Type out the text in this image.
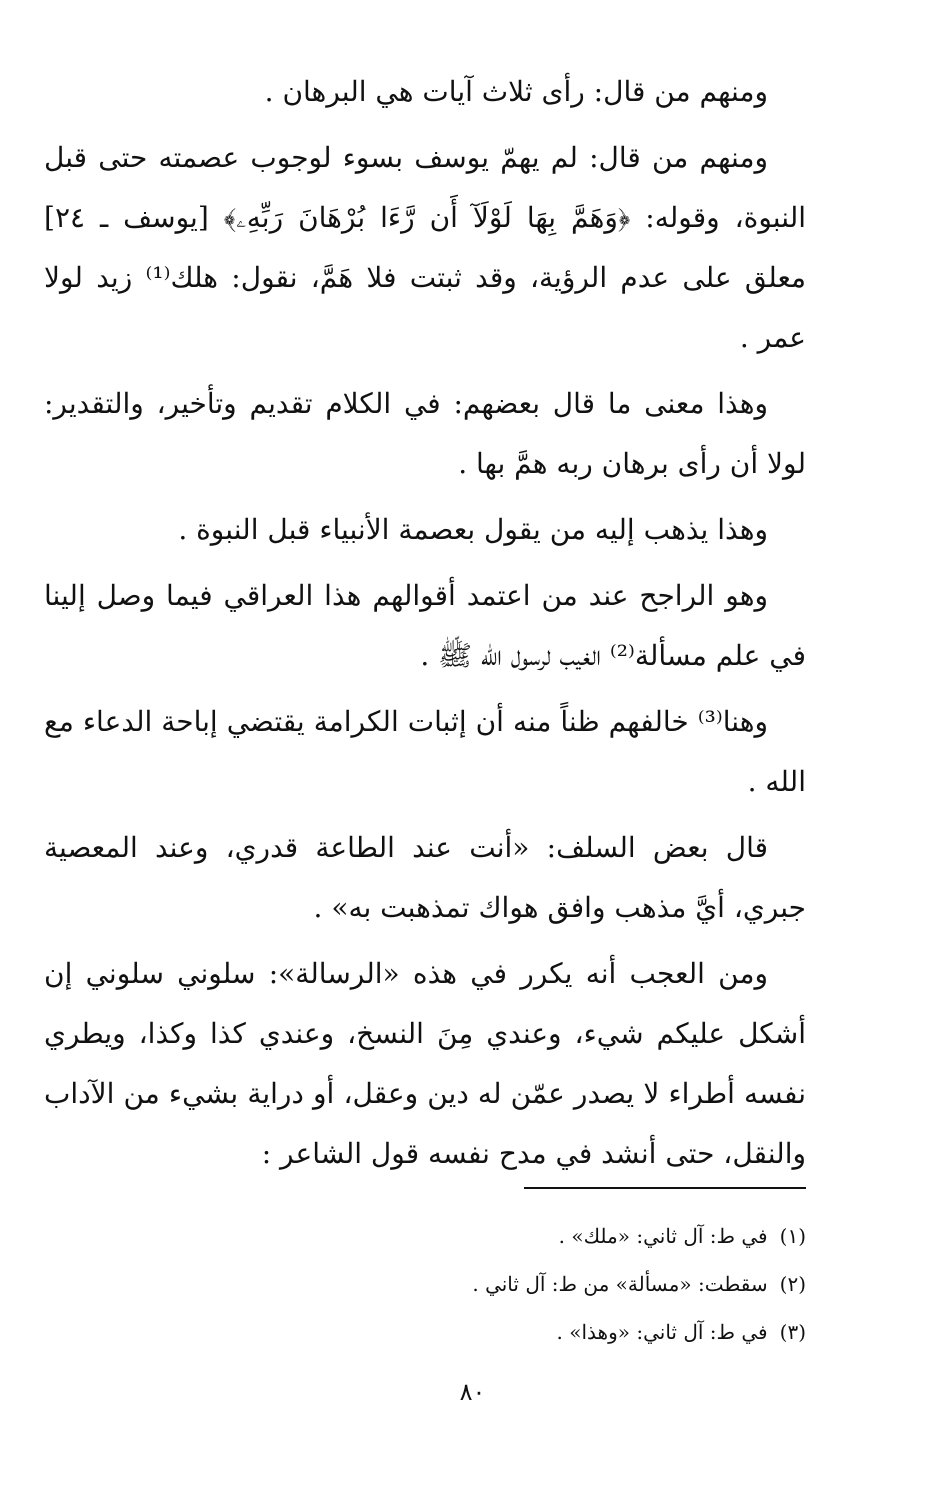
ومنهم من قال: رأى ثلاث آيات هي البرهان .

ومنهم من قال: لم يهمّ يوسف بسوء لوجوب عصمته حتى قبل النبوة، وقوله: ﴿وَهَمَّ بِهَا لَوْلَآ أَن رَّءَا بُرْهَانَ رَبِّهِۦ﴾ [يوسف ـ ٢٤] معلق على عدم الرؤية، وقد ثبتت فلا هَمَّ، نقول: هلك⁽¹⁾ زيد لولا عمر .

وهذا معنى ما قال بعضهم: في الكلام تقديم وتأخير، والتقدير: لولا أن رأى برهان ربه همَّ بها .

وهذا يذهب إليه من يقول بعصمة الأنبياء قبل النبوة .

وهو الراجح عند من اعتمد أقوالهم هذا العراقي فيما وصل إلينا في علم مسألة⁽²⁾ الغيب لرسول الله ﷺ .

وهنا⁽³⁾ خالفهم ظناً منه أن إثبات الكرامة يقتضي إباحة الدعاء مع الله .

قال بعض السلف: «أنت عند الطاعة قدري، وعند المعصية جبري، أيَّ مذهب وافق هواك تمذهبت به» .

ومن العجب أنه يكرر في هذه «الرسالة»: سلوني سلوني إن أشكل عليكم شيء، وعندي مِنَ النسخ، وعندي كذا وكذا، ويطري نفسه أطراء لا يصدر عمّن له دين وعقل، أو دراية بشيء من الآداب والنقل، حتى أنشد في مدح نفسه قول الشاعر :

(١)في ط: آل ثاني: «ملك» .

(٢)سقطت: «مسألة» من ط: آل ثاني .

(٣)في ط: آل ثاني: «وهذا» .

٨٠
